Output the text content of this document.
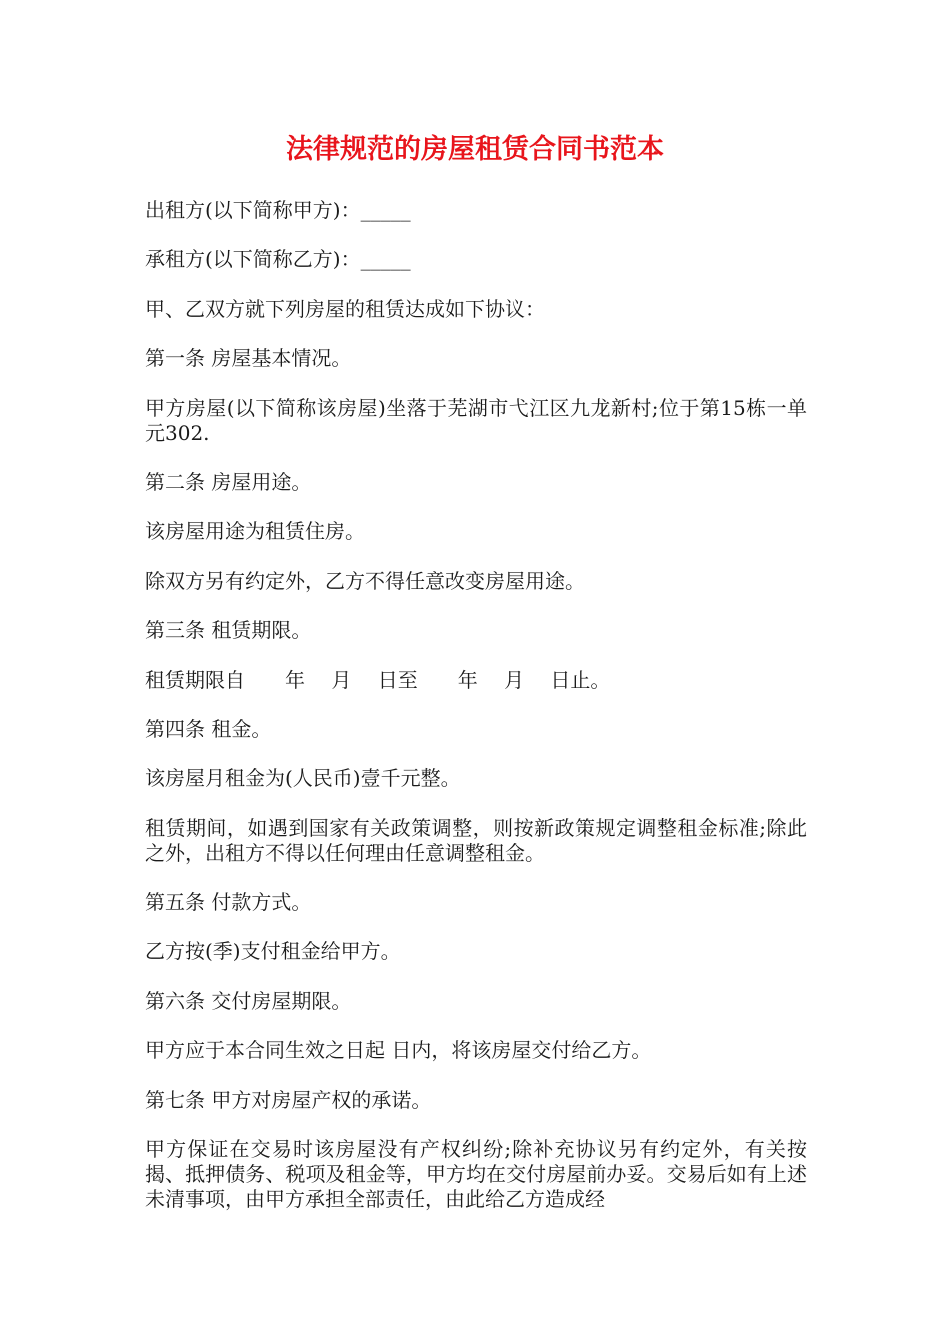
法律规范的房屋租赁合同书范本

出租方(以下简称甲方)：_____

承租方(以下简称乙方)：_____

甲、乙双方就下列房屋的租赁达成如下协议：

第一条 房屋基本情况。

甲方房屋(以下简称该房屋)坐落于芜湖市弋江区九龙新村;位于第15栋一单元302.

第二条 房屋用途。

该房屋用途为租赁住房。

除双方另有约定外，乙方不得任意改变房屋用途。

第三条 租赁期限。

租赁期限自　　年　 月　 日至　　年　 月　 日止。

第四条 租金。

该房屋月租金为(人民币)壹千元整。

租赁期间，如遇到国家有关政策调整，则按新政策规定调整租金标准;除此之外，出租方不得以任何理由任意调整租金。

第五条 付款方式。

乙方按(季)支付租金给甲方。

第六条 交付房屋期限。

甲方应于本合同生效之日起 日内，将该房屋交付给乙方。

第七条 甲方对房屋产权的承诺。

甲方保证在交易时该房屋没有产权纠纷;除补充协议另有约定外，有关按揭、抵押债务、税项及租金等，甲方均在交付房屋前办妥。交易后如有上述未清事项，由甲方承担全部责任，由此给乙方造成经
